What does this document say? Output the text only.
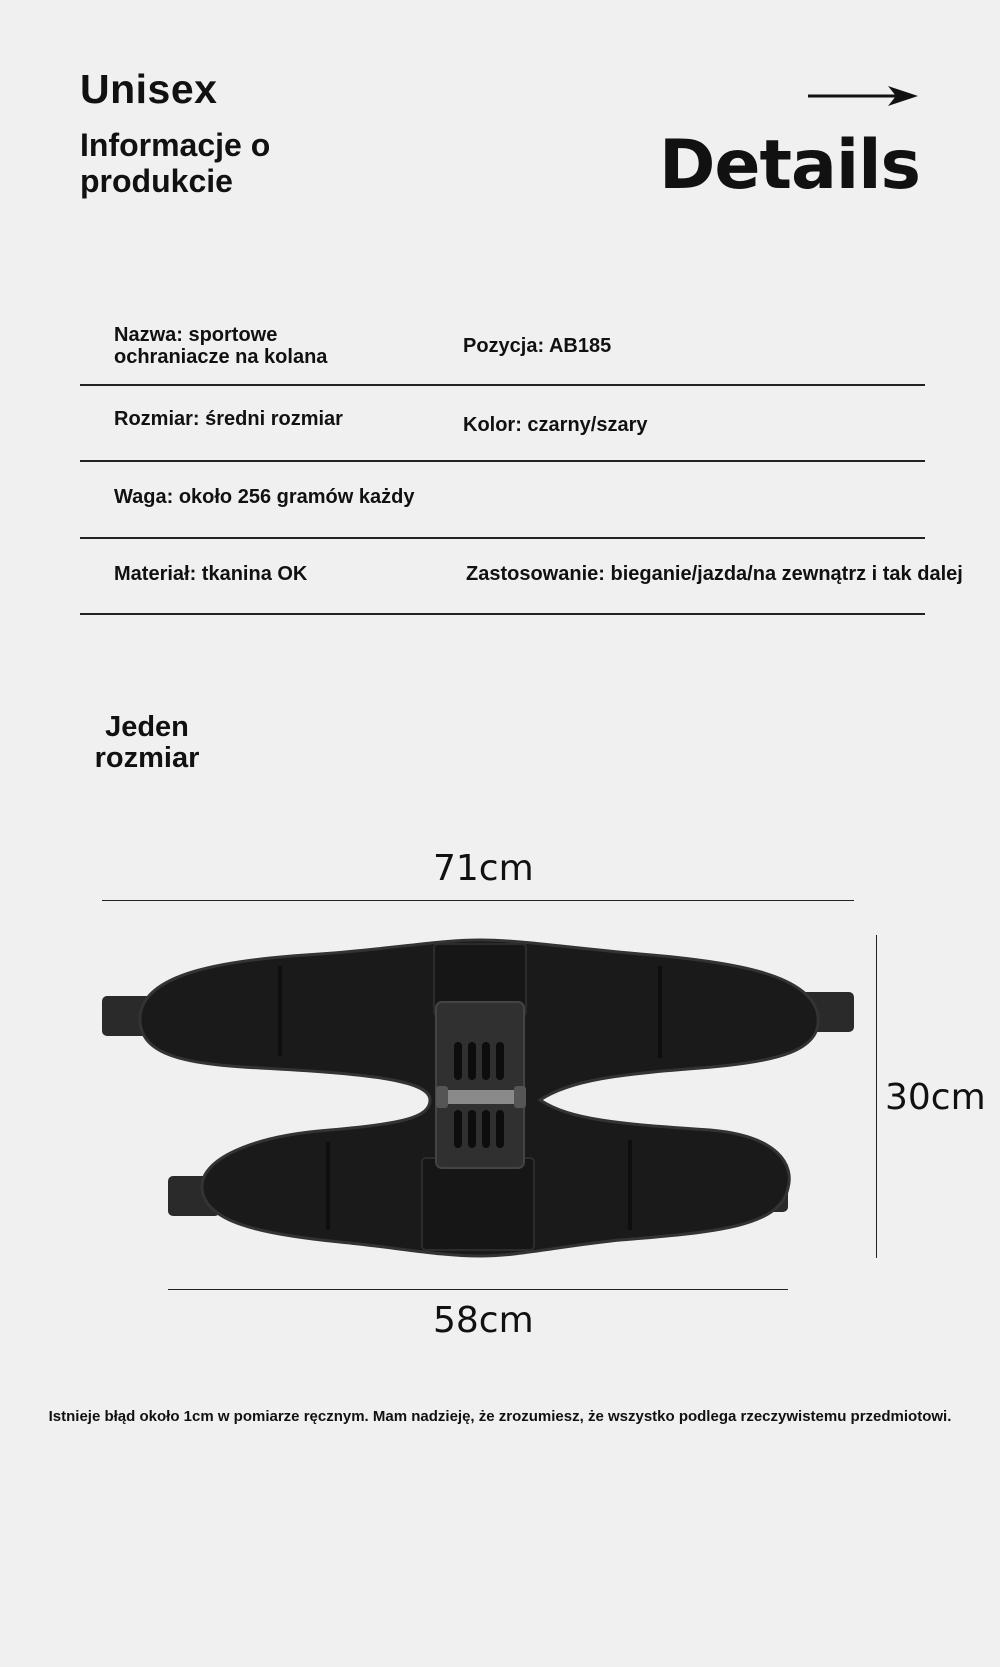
Unisex
Informacje o produkcie	Details
Nazwa: sportowe ochraniacze na kolana	Pozycja: AB185
Rozmiar: średni rozmiar	Kolor: czarny/szary
Waga: około 256 gramów każdy
Materiał: tkanina OK	Zastosowanie: bieganie/jazda/na zewnątrz i tak dalej
Jeden rozmiar
71cm
30cm
58cm
Istnieje błąd około 1cm w pomiarze ręcznym. Mam nadzieję, że zrozumiesz, że wszystko podlega rzeczywistemu przedmiotowi.
